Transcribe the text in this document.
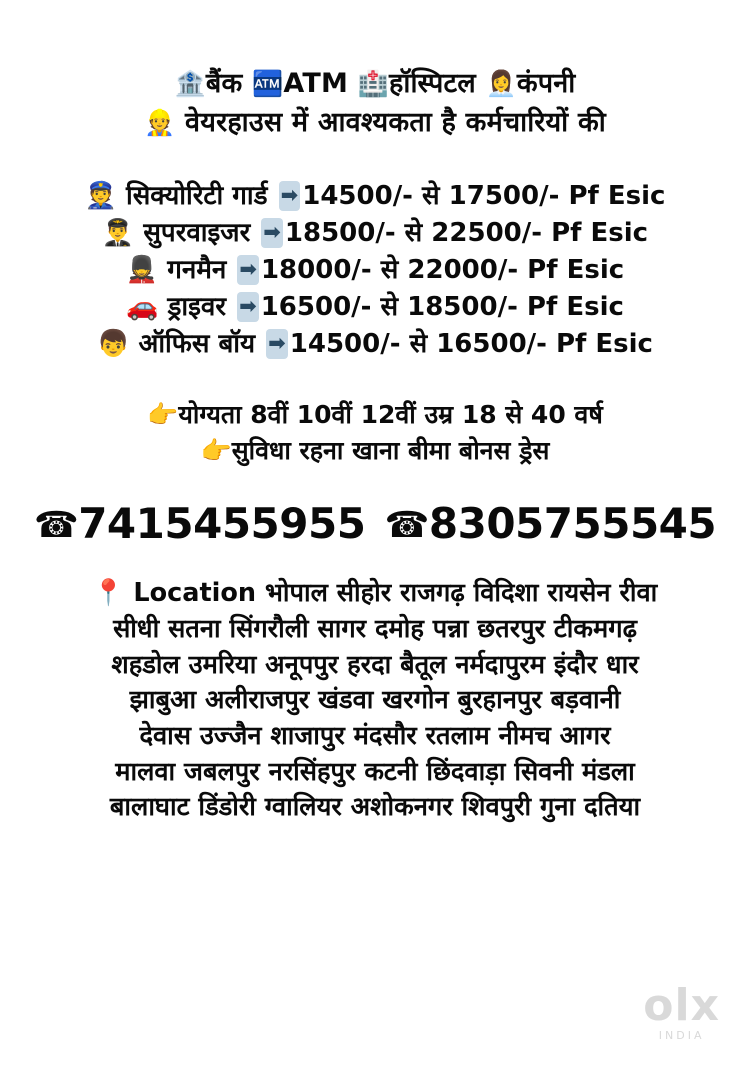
🏦बैंक 🏧ATM 🏥हॉस्पिटल 👩‍💼कंपनी
👷 वेयरहाउस में आवश्यकता है कर्मचारियों की
👮 सिक्योरिटी गार्ड ➡ 14500/- से 17500/- Pf Esic
👨‍✈️ सुपरवाइजर ➡ 18500/- से 22500/- Pf Esic
💂 गनमैन ➡ 18000/- से 22000/- Pf Esic
🚗 ड्राइवर ➡ 16500/- से 18500/- Pf Esic
👦 ऑफिस बॉय ➡ 14500/- से 16500/- Pf Esic
👉योग्यता 8वीं 10वीं 12वीं उम्र 18 से 40 वर्ष
👉सुविधा रहना खाना बीमा बोनस ड्रेस
☎7415455955 ☎8305755545
📍 Location भोपाल सीहोर राजगढ़ विदिशा रायसेन रीवा
सीधी सतना सिंगरौली सागर दमोह पन्ना छतरपुर टीकमगढ़
शहडोल उमरिया अनूपपुर हरदा बैतूल नर्मदापुरम इंदौर धार
झाबुआ अलीराजपुर खंडवा खरगोन बुरहानपुर बड़वानी
देवास उज्जैन शाजापुर मंदसौर रतलाम नीमच आगर
मालवा जबलपुर नरसिंहपुर कटनी छिंदवाड़ा सिवनी मंडला
बालाघाट डिंडोरी ग्वालियर अशोकनगर शिवपुरी गुना दतिया
olx
INDIA
